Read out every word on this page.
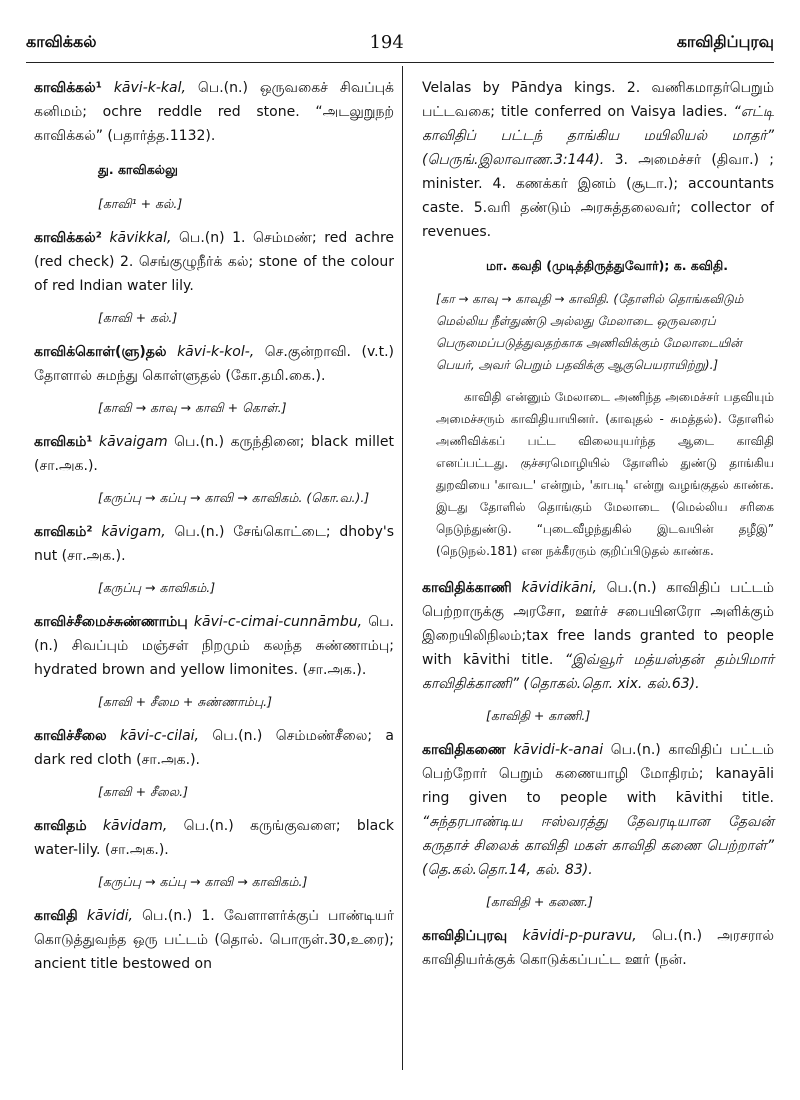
காவிக்கல்	194	காவிதிப்புரவு

காவிக்கல்¹ kāvi-k-kal, பெ.(n.) ஒருவகைச் சிவப்புக் கனிமம்; ochre reddle red stone. “அடலுறுநற் காவிக்கல்” (பதார்த்த.1132).

து. காவிகல்லு
[காவி¹ + கல்.]

காவிக்கல்² kāvikkal, பெ.(n) 1. செம்மண்; red achre (red check) 2. செங்குழுநீர்க் கல்; stone of the colour of red Indian water lily.

[காவி + கல்.]

காவிக்கொள்(ளு)தல் kāvi-k-kol-, செ.குன்றாவி. (v.t.) தோளால் சுமந்து கொள்ளுதல் (கோ.தமி.கை.).

[காவி → காவு → காவி + கொள்.]

காவிகம்¹ kāvaigam பெ.(n.) கருந்தினை; black millet (சா.அக.).

[கருப்பு → கப்பு → காவி → காவிகம். (கொ.வ.).]

காவிகம்² kāvigam, பெ.(n.) சேங்கொட்டை; dhoby's nut (சா.அக.).

[கருப்பு → காவிகம்.]

காவிச்சீமைச்சுண்ணாம்பு kāvi-c-cimai-cunnāmbu, பெ.(n.) சிவப்பும் மஞ்சள் நிறமும் கலந்த சுண்ணாம்பு; hydrated brown and yellow limonites. (சா.அக.).

[காவி + சீமை + சுண்ணாம்பு.]

காவிச்சீலை kāvi-c-cilai, பெ.(n.) செம்மண்சீலை; a dark red cloth (சா.அக.).

[காவி + சீலை.]

காவிதம் kāvidam, பெ.(n.) கருங்குவளை; black water-lily. (சா.அக.).

[கருப்பு → கப்பு → காவி → காவிகம்.]

காவிதி kāvidi, பெ.(n.) 1. வேளாளர்க்குப் பாண்டியர் கொடுத்துவந்த ஒரு பட்டம் (தொல். பொருள்.30,உரை); ancient title bestowed on

Velalas by Pāndya kings. 2. வணிகமாதர்பெறும் பட்டவகை; title conferred on Vaisya ladies. “எட்டி காவிதிப் பட்டந் தாங்கிய மயிலியல் மாதர்” (பெருங்.இலாவாண.3:144). 3. அமைச்சர் (திவா.) ; minister. 4. கணக்கர் இனம் (சூடா.); accountants caste. 5.வரி தண்டும் அரசுத்தலைவர்; collector of revenues.

மா. கவதி (முடித்திருத்துவோர்); க. கவிதி.
[கா → காவு → காவுதி → காவிதி. (தோளில் தொங்கவிடும் மெல்லிய நீள்துண்டு அல்லது மேலாடை ஒருவரைப் பெருமைப்படுத்துவதற்காக அணிவிக்கும் மேலாடையின் பெயர், அவர் பெறும் பதவிக்கு ஆகுபெயராயிற்று).]
காவிதி என்னும் மேலாடை அணிந்த அமைச்சர் பதவியும் அமைச்சரும் காவிதியாயினர். (காவுதல் - சுமத்தல்). தோளில் அணிவிக்கப் பட்ட விலையுயர்ந்த ஆடை காவிதி எனப்பட்டது. குச்சரமொழியில் தோளில் துண்டு தாங்கிய துறவியை 'காவட' என்றும், 'காபடி' என்று வழங்குதல் காண்க. இடது தோளில் தொங்கும் மேலாடை (மெல்லிய சரிகை நெடுந்துண்டு. “புடைவீழந்துகில் இடவயின் தழீஇ” (நெடுநல்.181) என நக்கீரரும் குறிப்பிடுதல் காண்க.

காவிதிக்காணி kāvidikāni, பெ.(n.) காவிதிப் பட்டம் பெற்றாருக்கு அரசோ, ஊர்ச் சபையினரோ அளிக்கும் இறையிலிநிலம்;tax free lands granted to people with kāvithi title. “இவ்வூர் மத்யஸ்தன் தம்பிமார் காவிதிக்காணி” (தொகல்.தொ. xix. கல்.63).

[காவிதி + காணி.]

காவிதிகணை kāvidi-k-anai பெ.(n.) காவிதிப் பட்டம் பெற்றோர் பெறும் கணையாழி மோதிரம்; kanayāli ring given to people with kāvithi title. “சுந்தரபாண்டிய ஈஸ்வரத்து தேவரடியான தேவன் கருதாச் சிலைக் காவிதி மகள் காவிதி கணை பெற்றாள்” (தெ.கல்.தொ.14, கல். 83).

[காவிதி + கணை.]

காவிதிப்புரவு kāvidi-p-puravu, பெ.(n.) அரசரால் காவிதியர்க்குக் கொடுக்கப்பட்ட ஊர் (நன்.
